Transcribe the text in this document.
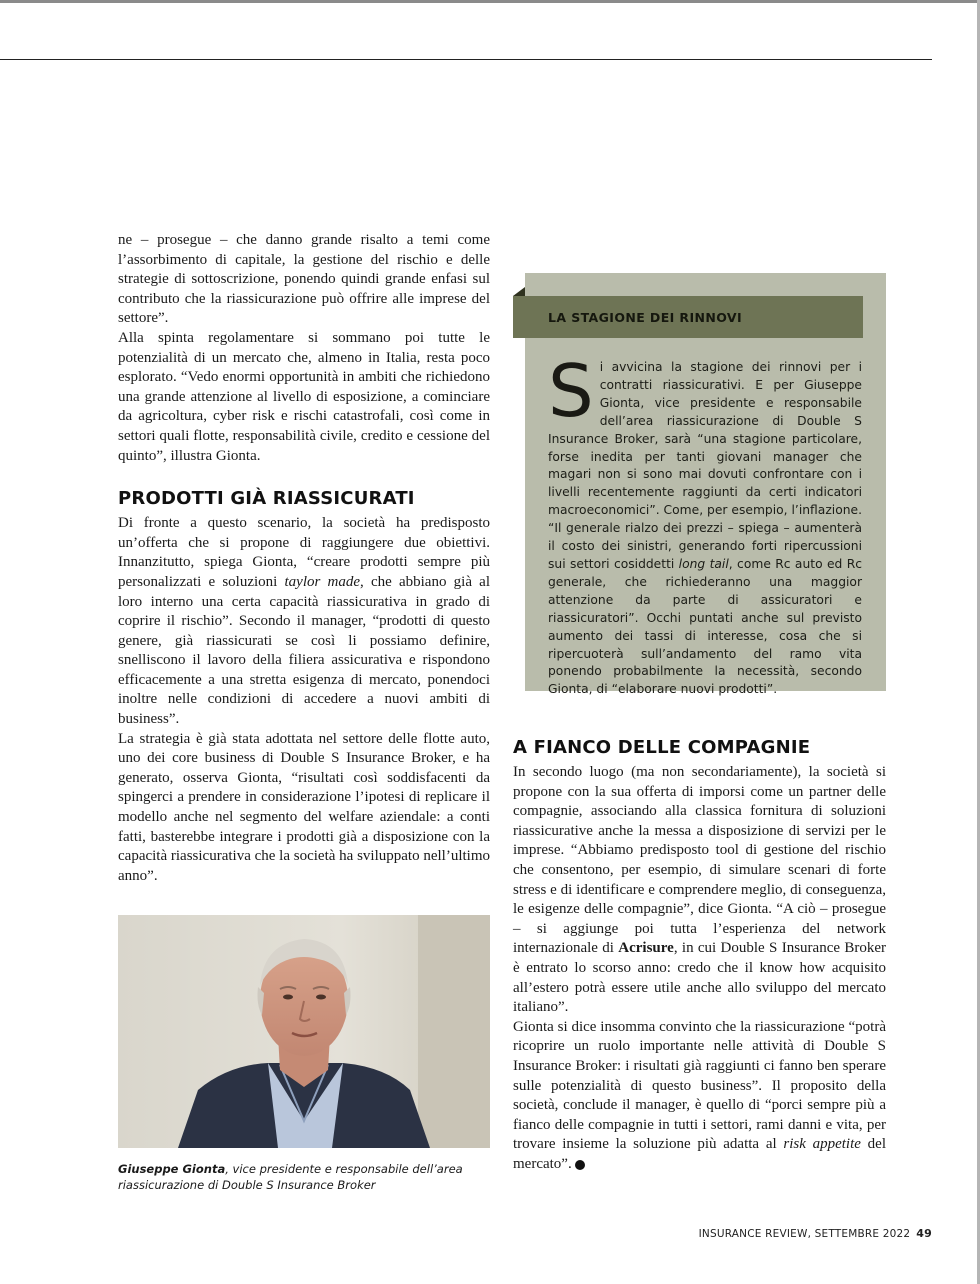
ne – prosegue – che danno grande risalto a temi come l’assorbimento di capitale, la gestione del rischio e delle strategie di sottoscrizione, ponendo quindi grande enfasi sul contributo che la riassicurazione può offrire alle imprese del settore”.

Alla spinta regolamentare si sommano poi tutte le potenzialità di un mercato che, almeno in Italia, resta poco esplorato. “Vedo enormi opportunità in ambiti che richiedono una grande attenzione al livello di esposizione, a cominciare da agricoltura, cyber risk e rischi catastrofali, così come in settori quali flotte, responsabilità civile, credito e cessione del quinto”, illustra Gionta.

PRODOTTI GIÀ RIASSICURATI

Di fronte a questo scenario, la società ha predisposto un’offerta che si propone di raggiungere due obiettivi. Innanzitutto, spiega Gionta, “creare prodotti sempre più personalizzati e soluzioni taylor made, che abbiano già al loro interno una certa capacità riassicurativa in grado di coprire il rischio”. Secondo il manager, “prodotti di questo genere, già riassicurati se così li possiamo definire, snelliscono il lavoro della filiera assicurativa e rispondono efficacemente a una stretta esigenza di mercato, ponendoci inoltre nelle condizioni di accedere a nuovi ambiti di business”.

La strategia è già stata adottata nel settore delle flotte auto, uno dei core business di Double S Insurance Broker, e ha generato, osserva Gionta, “risultati così soddisfacenti da spingerci a prendere in considerazione l’ipotesi di replicare il modello anche nel segmento del welfare aziendale: a conti fatti, basterebbe integrare i prodotti già a disposizione con la capacità riassicurativa che la società ha sviluppato nell’ultimo anno”.

LA STAGIONE DEI RINNOVI
Si avvicina la stagione dei rinnovi per i contratti riassicurativi. E per Giuseppe Gionta, vice presidente e responsabile dell’area riassicurazione di Double S Insurance Broker, sarà “una stagione particolare, forse inedita per tanti giovani manager che magari non si sono mai dovuti confrontare con i livelli recentemente raggiunti da certi indicatori macroeconomici”. Come, per esempio, l’inflazione. “Il generale rialzo dei prezzi – spiega – aumenterà il costo dei sinistri, generando forti ripercussioni sui settori cosiddetti long tail, come Rc auto ed Rc generale, che richiederanno una maggior attenzione da parte di assicuratori e riassicuratori”. Occhi puntati anche sul previsto aumento dei tassi di interesse, cosa che si ripercuoterà sull’andamento del ramo vita ponendo probabilmente la necessità, secondo Gionta, di “elaborare nuovi prodotti”.
A FIANCO DELLE COMPAGNIE

In secondo luogo (ma non secondariamente), la società si propone con la sua offerta di imporsi come un partner delle compagnie, associando alla classica fornitura di soluzioni riassicurative anche la messa a disposizione di servizi per le imprese. “Abbiamo predisposto tool di gestione del rischio che consentono, per esempio, di simulare scenari di forte stress e di identificare e comprendere meglio, di conseguenza, le esigenze delle compagnie”, dice Gionta. “A ciò – prosegue – si aggiunge poi tutta l’esperienza del network internazionale di Acrisure, in cui Double S Insurance Broker è entrato lo scorso anno: credo che il know how acquisito all’estero potrà essere utile anche allo sviluppo del mercato italiano”.

Gionta si dice insomma convinto che la riassicurazione “potrà ricoprire un ruolo importante nelle attività di Double S Insurance Broker: i risultati già raggiunti ci fanno ben sperare sulle potenzialità di questo business”. Il proposito della società, conclude il manager, è quello di “porci sempre più a fianco delle compagnie in tutti i settori, rami danni e vita, per trovare insieme la soluzione più adatta al risk appetite del mercato”.

Giuseppe Gionta, vice presidente e responsabile dell’area riassicurazione di Double S Insurance Broker
INSURANCE REVIEW, SETTEMBRE 2022 49
